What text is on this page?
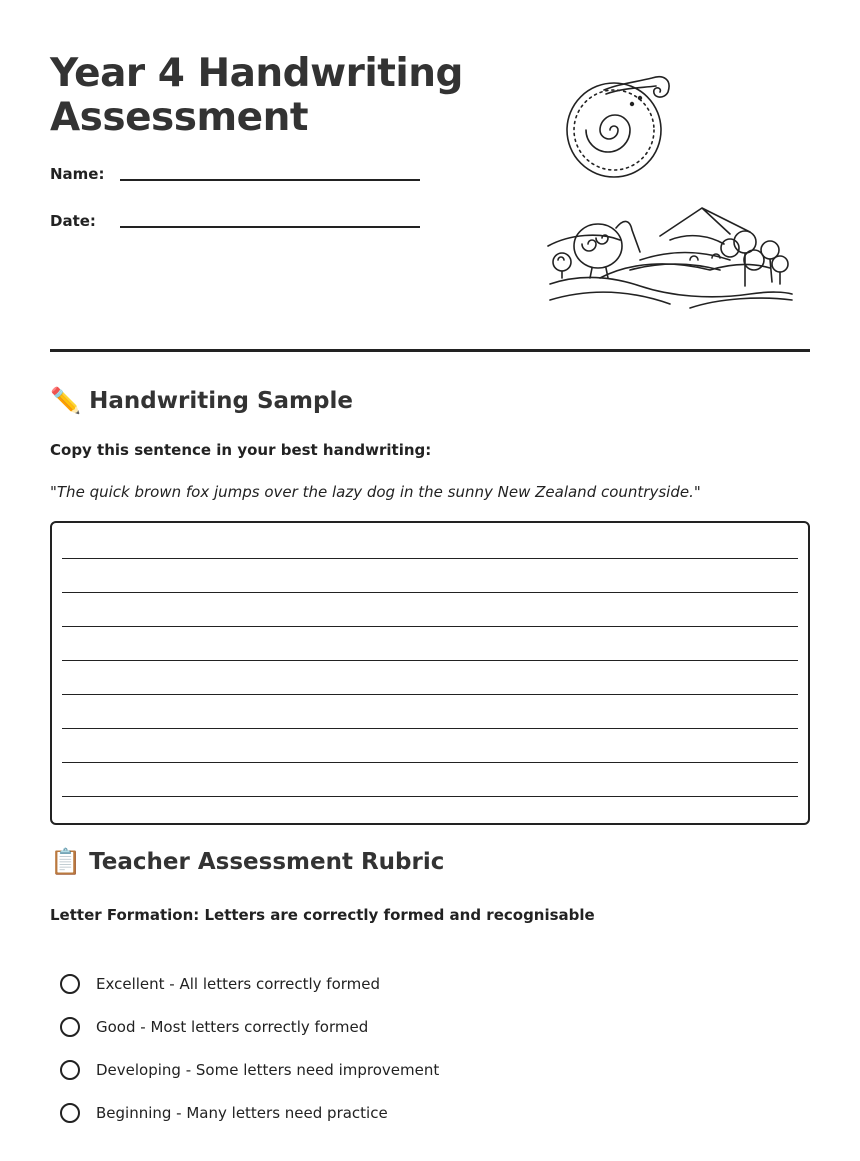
Year 4 Handwriting
Assessment
Name:
Date:
✏️ Handwriting Sample
Copy this sentence in your best handwriting:
"The quick brown fox jumps over the lazy dog in the sunny New Zealand countryside."
📋 Teacher Assessment Rubric
Letter Formation: Letters are correctly formed and recognisable
Excellent - All letters correctly formed
Good - Most letters correctly formed
Developing - Some letters need improvement
Beginning - Many letters need practice
